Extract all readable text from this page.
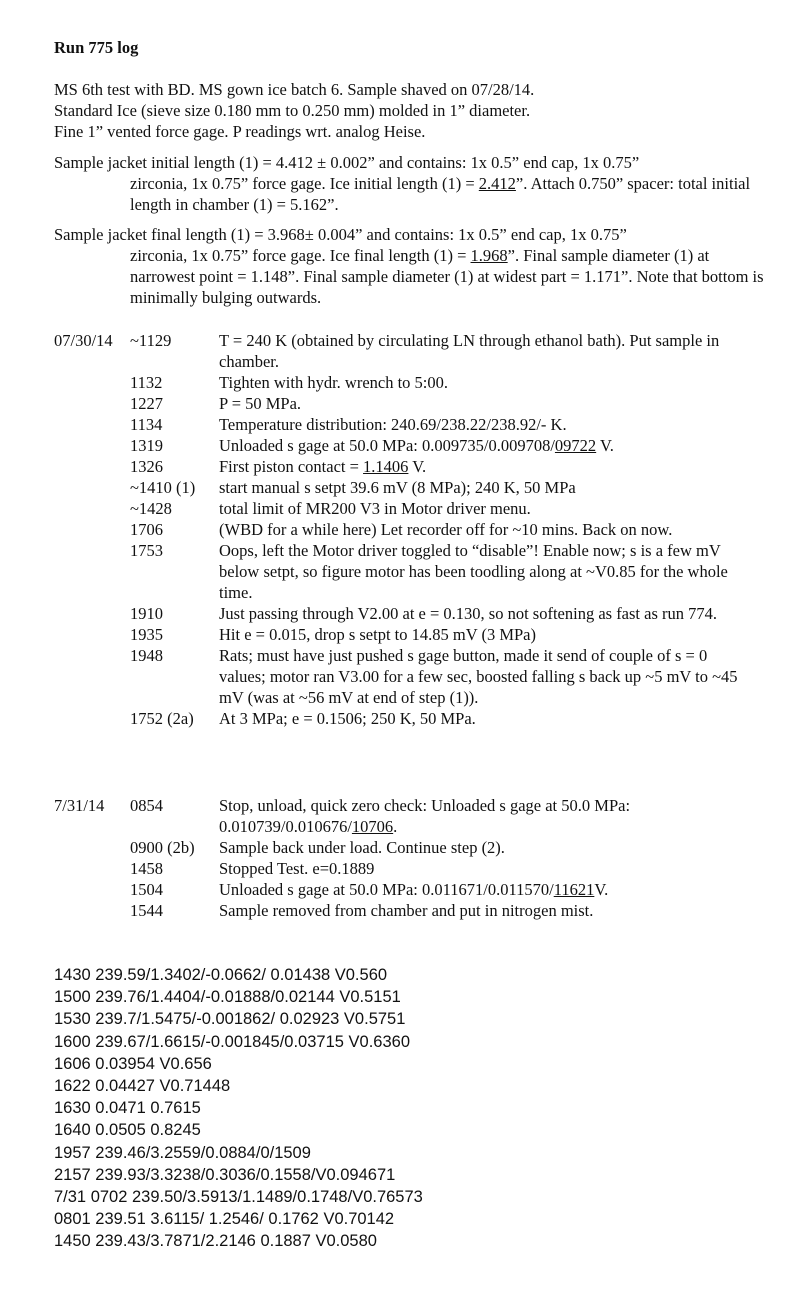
Run 775 log
MS 6th test with BD. MS gown ice batch 6. Sample shaved on 07/28/14.
Standard Ice (sieve size 0.180 mm to 0.250 mm) molded in 1” diameter.
Fine 1” vented force gage. P readings wrt. analog Heise.
Sample jacket initial length (1) = 4.412 ± 0.002” and contains: 1x 0.5” end cap, 1x 0.75”
zirconia, 1x 0.75” force gage. Ice initial length (1) = 2.412”. Attach 0.750” spacer: total initial length in chamber (1) = 5.162”.
Sample jacket final length (1) = 3.968± 0.004” and contains: 1x 0.5” end cap, 1x 0.75”
zirconia, 1x 0.75” force gage. Ice final length (1) = 1.968”. Final sample diameter (1) at narrowest point = 1.148”. Final sample diameter (1) at widest part = 1.171”. Note that bottom is minimally bulging outwards.
07/30/14 ~1129	T = 240 K (obtained by circulating LN through ethanol bath). Put sample in chamber.
1132	Tighten with hydr. wrench to 5:00.
1227	P = 50 MPa.
1134	Temperature distribution: 240.69/238.22/238.92/- K.
1319	Unloaded s gage at 50.0 MPa: 0.009735/0.009708/09722 V.
1326	First piston contact = 1.1406 V.
~1410 (1) start manual s setpt 39.6 mV (8 MPa); 240 K, 50 MPa
~1428	total limit of MR200 V3 in Motor driver menu.
1706	(WBD for a while here) Let recorder off for ~10 mins. Back on now.
1753	Oops, left the Motor driver toggled to “disable”! Enable now; s is a few mV below setpt, so figure motor has been toodling along at ~V0.85 for the whole time.
1910	Just passing through V2.00 at e = 0.130, so not softening as fast as run 774.
1935	Hit e = 0.015, drop s setpt to 14.85 mV (3 MPa)
1948	Rats; must have just pushed s gage button, made it send of couple of s = 0 values; motor ran V3.00 for a few sec, boosted falling s back up ~5 mV to ~45 mV (was at ~56 mV at end of step (1)).
1752 (2a) At 3 MPa; e = 0.1506; 250 K, 50 MPa.
7/31/14 0854	Stop, unload, quick zero check: Unloaded s gage at 50.0 MPa: 0.010739/0.010676/10706.
0900 (2b) Sample back under load. Continue step (2).
1458	Stopped Test. e=0.1889
1504	Unloaded s gage at 50.0 MPa: 0.011671/0.011570/11621V.
1544	Sample removed from chamber and put in nitrogen mist.
1430 239.59/1.3402/-0.0662/ 0.01438 V0.560
1500 239.76/1.4404/-0.01888/0.02144 V0.5151
1530 239.7/1.5475/-0.001862/ 0.02923 V0.5751
1600 239.67/1.6615/-0.001845/0.03715 V0.6360
1606 0.03954 V0.656
1622 0.04427 V0.71448
1630 0.0471 0.7615
1640 0.0505 0.8245
1957 239.46/3.2559/0.0884/0/1509
2157 239.93/3.3238/0.3036/0.1558/V0.094671
7/31 0702 239.50/3.5913/1.1489/0.1748/V0.76573
0801 239.51 3.6115/ 1.2546/ 0.1762 V0.70142
1450 239.43/3.7871/2.2146 0.1887 V0.0580
